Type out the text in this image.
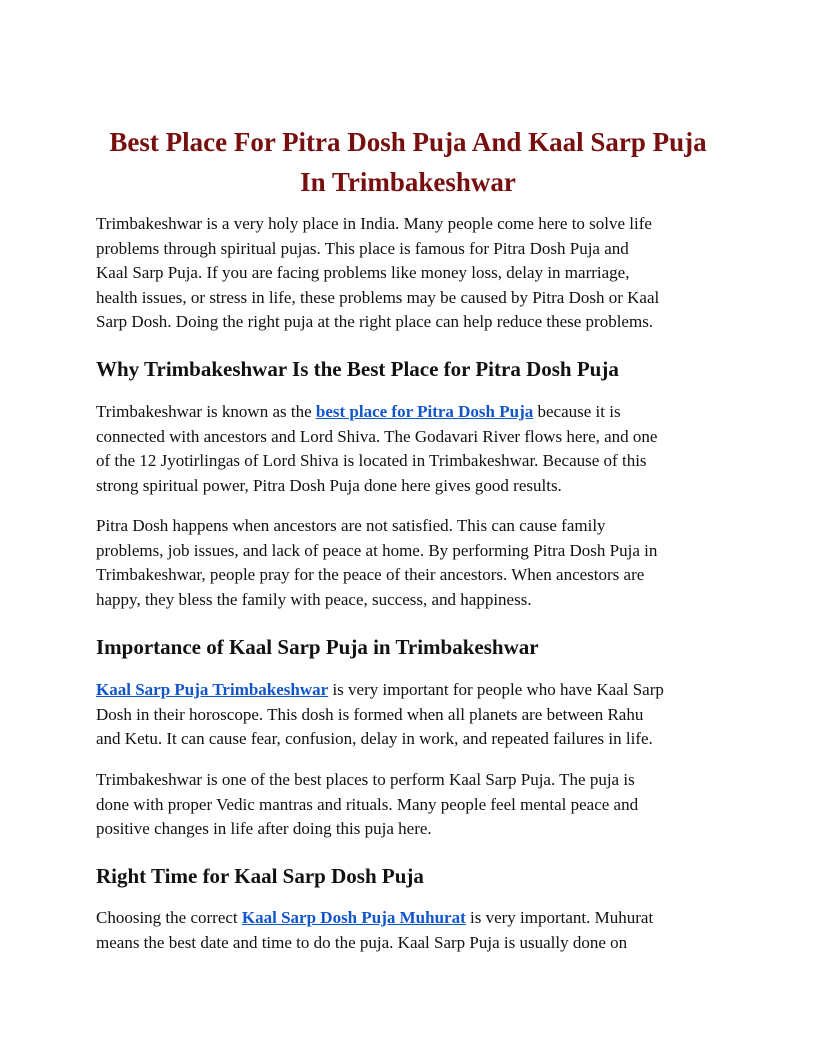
Best Place For Pitra Dosh Puja And Kaal Sarp Puja
In Trimbakeshwar

Trimbakeshwar is a very holy place in India. Many people come here to solve life
problems through spiritual pujas. This place is famous for Pitra Dosh Puja and
Kaal Sarp Puja. If you are facing problems like money loss, delay in marriage,
health issues, or stress in life, these problems may be caused by Pitra Dosh or Kaal
Sarp Dosh. Doing the right puja at the right place can help reduce these problems.

Why Trimbakeshwar Is the Best Place for Pitra Dosh Puja

Trimbakeshwar is known as the best place for Pitra Dosh Puja because it is
connected with ancestors and Lord Shiva. The Godavari River flows here, and one
of the 12 Jyotirlingas of Lord Shiva is located in Trimbakeshwar. Because of this
strong spiritual power, Pitra Dosh Puja done here gives good results.

Pitra Dosh happens when ancestors are not satisfied. This can cause family
problems, job issues, and lack of peace at home. By performing Pitra Dosh Puja in
Trimbakeshwar, people pray for the peace of their ancestors. When ancestors are
happy, they bless the family with peace, success, and happiness.

Importance of Kaal Sarp Puja in Trimbakeshwar

Kaal Sarp Puja Trimbakeshwar is very important for people who have Kaal Sarp
Dosh in their horoscope. This dosh is formed when all planets are between Rahu
and Ketu. It can cause fear, confusion, delay in work, and repeated failures in life.

Trimbakeshwar is one of the best places to perform Kaal Sarp Puja. The puja is
done with proper Vedic mantras and rituals. Many people feel mental peace and
positive changes in life after doing this puja here.

Right Time for Kaal Sarp Dosh Puja

Choosing the correct Kaal Sarp Dosh Puja Muhurat is very important. Muhurat
means the best date and time to do the puja. Kaal Sarp Puja is usually done on
